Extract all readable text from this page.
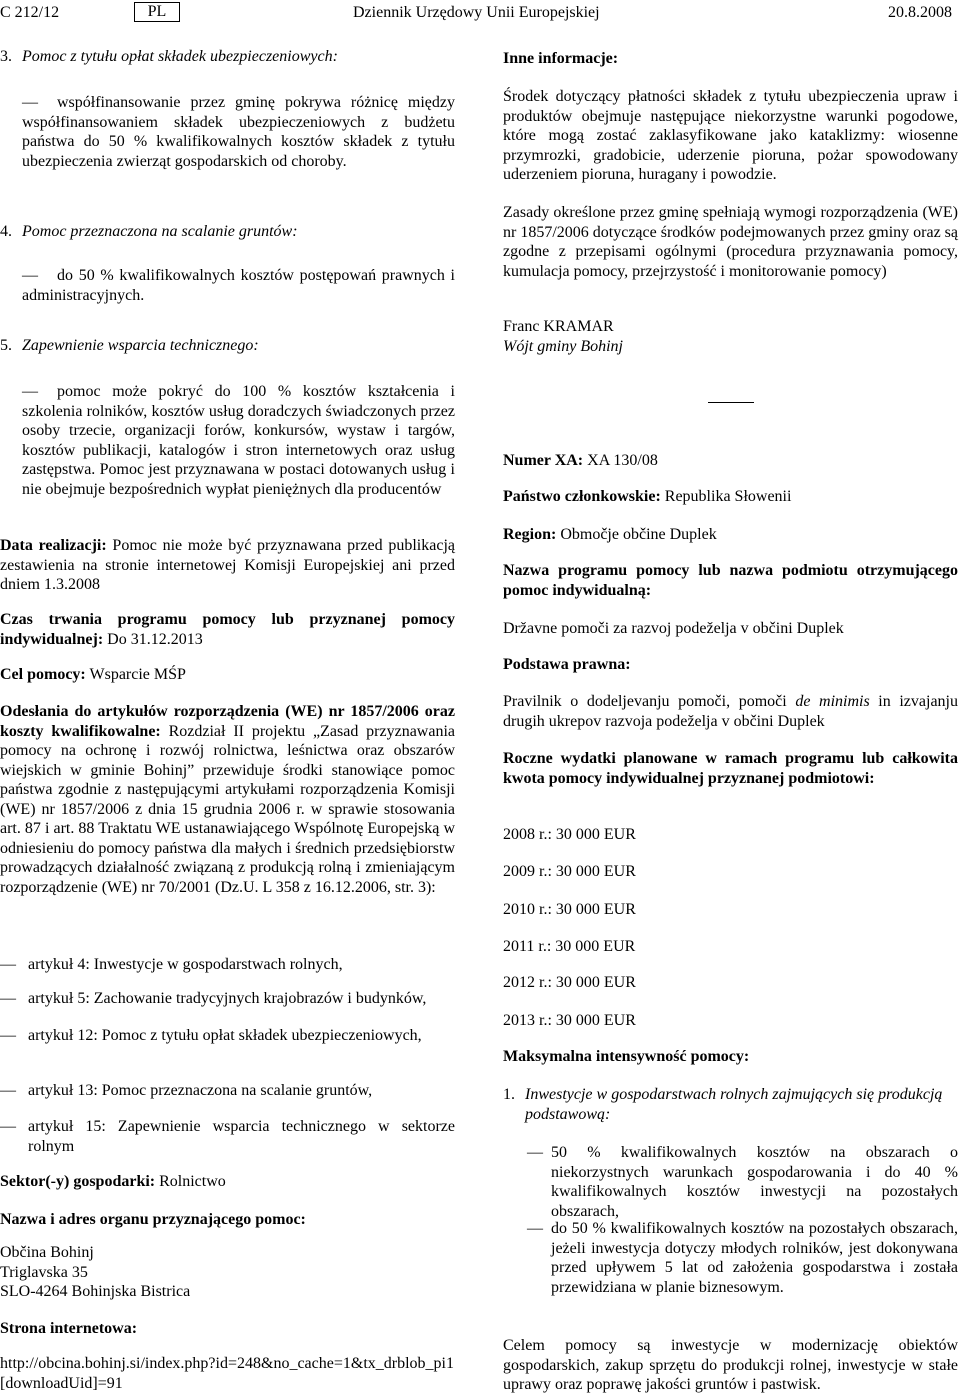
C 212/12	PL	Dziennik Urzędowy Unii Europejskiej	20.8.2008
3. Pomoc z tytułu opłat składek ubezpieczeniowych:
— współfinansowanie przez gminę pokrywa różnicę między współfinansowaniem składek ubezpieczeniowych z budżetu państwa do 50 % kwalifikowalnych kosztów składek z tytułu ubezpieczenia zwierząt gospodarskich od choroby.
4. Pomoc przeznaczona na scalanie gruntów:
— do 50 % kwalifikowalnych kosztów postępowań prawnych i administracyjnych.
5. Zapewnienie wsparcia technicznego:
— pomoc może pokryć do 100 % kosztów kształcenia i szkolenia rolników, kosztów usług doradczych świadczonych przez osoby trzecie, organizacji forów, konkursów, wystaw i targów, kosztów publikacji, katalogów i stron internetowych oraz usług zastępstwa. Pomoc jest przyznawana w postaci dotowanych usług i nie obejmuje bezpośrednich wypłat pieniężnych dla producentów

Data realizacji: Pomoc nie może być przyznawana przed publikacją zestawienia na stronie internetowej Komisji Europejskiej ani przed dniem 1.3.2008

Czas trwania programu pomocy lub przyznanej pomocy indywidualnej: Do 31.12.2013

Cel pomocy: Wsparcie MŚP

Odesłania do artykułów rozporządzenia (WE) nr 1857/2006 oraz koszty kwalifikowalne: Rozdział II projektu „Zasad przyznawania pomocy na ochronę i rozwój rolnictwa, leśnictwa oraz obszarów wiejskich w gminie Bohinj” przewiduje środki stanowiące pomoc państwa zgodnie z następującymi artykułami rozporządzenia Komisji (WE) nr 1857/2006 z dnia 15 grudnia 2006 r. w sprawie stosowania art. 87 i art. 88 Traktatu WE ustanawiającego Wspólnotę Europejską w odniesieniu do pomocy państwa dla małych i średnich przedsiębiorstw prowadzących działalność związaną z produkcją rolną i zmieniającym rozporządzenie (WE) nr 70/2001 (Dz.U. L 358 z 16.12.2006, str. 3):

— artykuł 4: Inwestycje w gospodarstwach rolnych,
— artykuł 5: Zachowanie tradycyjnych krajobrazów i budynków,
— artykuł 12: Pomoc z tytułu opłat składek ubezpieczeniowych,
— artykuł 13: Pomoc przeznaczona na scalanie gruntów,
— artykuł 15: Zapewnienie wsparcia technicznego w sektorze rolnym

Sektor(-y) gospodarki: Rolnictwo

Nazwa i adres organu przyznającego pomoc:

Občina Bohinj
Triglavska 35
SLO-4264 Bohinjska Bistrica

Strona internetowa:

http://obcina.bohinj.si/index.php?id=248&no_cache=1&tx_drblob_pi1[downloadUid]=91

Inne informacje:

Środek dotyczący płatności składek z tytułu ubezpieczenia upraw i produktów obejmuje następujące niekorzystne warunki pogodowe, które mogą zostać zaklasyfikowane jako kataklizmy: wiosenne przymrozki, gradobicie, uderzenie pioruna, pożar spowodowany uderzeniem pioruna, huragany i powodzie.

Zasady określone przez gminę spełniają wymogi rozporządzenia (WE) nr 1857/2006 dotyczące środków podejmowanych przez gminy oraz są zgodne z przepisami ogólnymi (procedura przyznawania pomocy, kumulacja pomocy, przejrzystość i monitorowanie pomocy)

Franc KRAMAR
Wójt gminy Bohinj

Numer XA: XA 130/08

Państwo członkowskie: Republika Słowenii

Region: Območje občine Duplek

Nazwa programu pomocy lub nazwa podmiotu otrzymującego pomoc indywidualną:

Državne pomoči za razvoj podeželja v občini Duplek

Podstawa prawna:

Pravilnik o dodeljevanju pomoči, pomoči de minimis in izvajanju drugih ukrepov razvoja podeželja v občini Duplek

Roczne wydatki planowane w ramach programu lub całkowita kwota pomocy indywidualnej przyznanej podmiotowi:

2008 r.: 30 000 EUR
2009 r.: 30 000 EUR
2010 r.: 30 000 EUR
2011 r.: 30 000 EUR
2012 r.: 30 000 EUR
2013 r.: 30 000 EUR

Maksymalna intensywność pomocy:

1. Inwestycje w gospodarstwach rolnych zajmujących się produkcją podstawową:
— 50 % kwalifikowalnych kosztów na obszarach o niekorzystnych warunkach gospodarowania i do 40 % kwalifikowalnych kosztów inwestycji na pozostałych obszarach,
— do 50 % kwalifikowalnych kosztów na pozostałych obszarach, jeżeli inwestycja dotyczy młodych rolników, jest dokonywana przed upływem 5 lat od założenia gospodarstwa i została przewidziana w planie biznesowym.

Celem pomocy są inwestycje w modernizację obiektów gospodarskich, zakup sprzętu do produkcji rolnej, inwestycje w stałe uprawy oraz poprawę jakości gruntów i pastwisk.
